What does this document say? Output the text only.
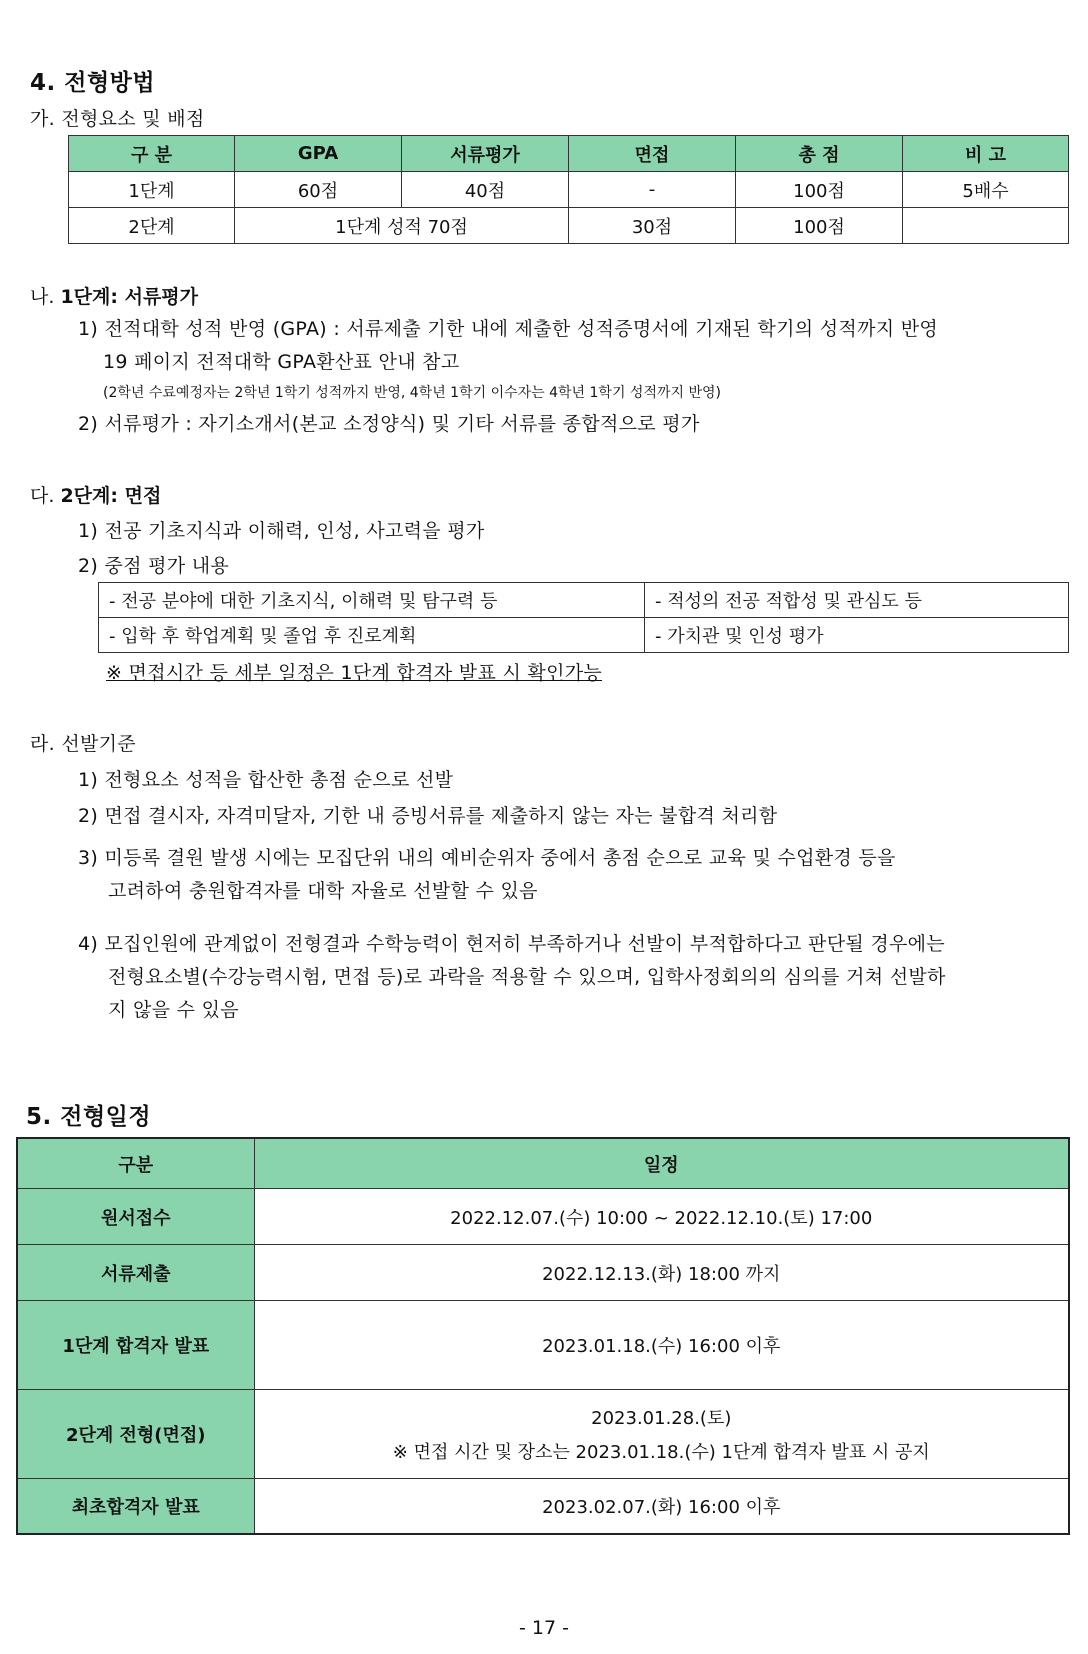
4. 전형방법
가. 전형요소 및 배점
구 분	GPA	서류평가	면접	총 점	비 고
1단계	60점	40점	-	100점	5배수
2단계	1단계 성적 70점		30점	100점	
나. 1단계: 서류평가
1) 전적대학 성적 반영 (GPA) : 서류제출 기한 내에 제출한 성적증명서에 기재된 학기의 성적까지 반영
19 페이지 전적대학 GPA환산표 안내 참고
(2학년 수료예정자는 2학년 1학기 성적까지 반영, 4학년 1학기 이수자는 4학년 1학기 성적까지 반영)
2) 서류평가 : 자기소개서(본교 소정양식) 및 기타 서류를 종합적으로 평가
다. 2단계: 면접
1) 전공 기초지식과 이해력, 인성, 사고력을 평가
2) 중점 평가 내용
- 전공 분야에 대한 기초지식, 이해력 및 탐구력 등	- 적성의 전공 적합성 및 관심도 등
- 입학 후 학업계획 및 졸업 후 진로계획	- 가치관 및 인성 평가
※ 면접시간 등 세부 일정은 1단계 합격자 발표 시 확인가능
라. 선발기준
1) 전형요소 성적을 합산한 총점 순으로 선발
2) 면접 결시자, 자격미달자, 기한 내 증빙서류를 제출하지 않는 자는 불합격 처리함
3) 미등록 결원 발생 시에는 모집단위 내의 예비순위자 중에서 총점 순으로 교육 및 수업환경 등을
고려하여 충원합격자를 대학 자율로 선발할 수 있음
4) 모집인원에 관계없이 전형결과 수학능력이 현저히 부족하거나 선발이 부적합하다고 판단될 경우에는
전형요소별(수강능력시험, 면접 등)로 과락을 적용할 수 있으며, 입학사정회의의 심의를 거쳐 선발하
지 않을 수 있음
5. 전형일정
구분	일정
원서접수	2022.12.07.(수) 10:00 ~ 2022.12.10.(토) 17:00
서류제출	2022.12.13.(화) 18:00 까지
1단계 합격자 발표	2023.01.18.(수) 16:00 이후
2단계 전형(면접)	2023.01.28.(토)
※ 면접 시간 및 장소는 2023.01.18.(수) 1단계 합격자 발표 시 공지

최초합격자 발표	2023.02.07.(화) 16:00 이후
- 17 -
